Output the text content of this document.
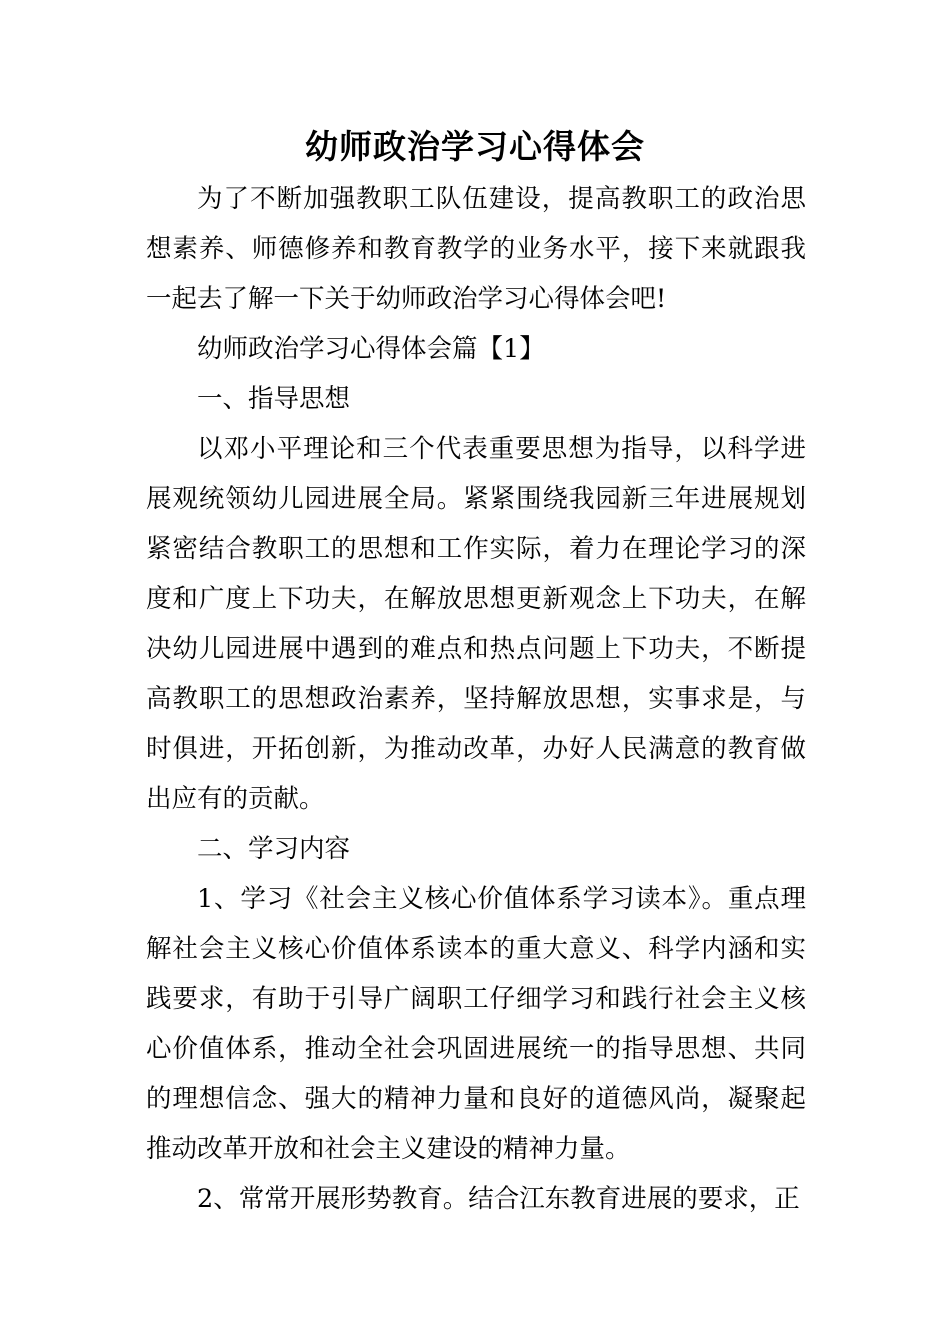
幼师政治学习心得体会

为了不断加强教职工队伍建设，提高教职工的政治思想素养、师德修养和教育教学的业务水平，接下来就跟我一起去了解一下关于幼师政治学习心得体会吧!

幼师政治学习心得体会篇【1】

一、指导思想

以邓小平理论和三个代表重要思想为指导，以科学进展观统领幼儿园进展全局。紧紧围绕我园新三年进展规划紧密结合教职工的思想和工作实际，着力在理论学习的深度和广度上下功夫，在解放思想更新观念上下功夫，在解决幼儿园进展中遇到的难点和热点问题上下功夫，不断提高教职工的思想政治素养，坚持解放思想，实事求是，与时俱进，开拓创新，为推动改革，办好人民满意的教育做出应有的贡献。

二、学习内容

1、学习《社会主义核心价值体系学习读本》。重点理解社会主义核心价值体系读本的重大意义、科学内涵和实践要求，有助于引导广阔职工仔细学习和践行社会主义核心价值体系，推动全社会巩固进展统一的指导思想、共同的理想信念、强大的精神力量和良好的道德风尚，凝聚起推动改革开放和社会主义建设的精神力量。

2、常常开展形势教育。结合江东教育进展的要求，正
